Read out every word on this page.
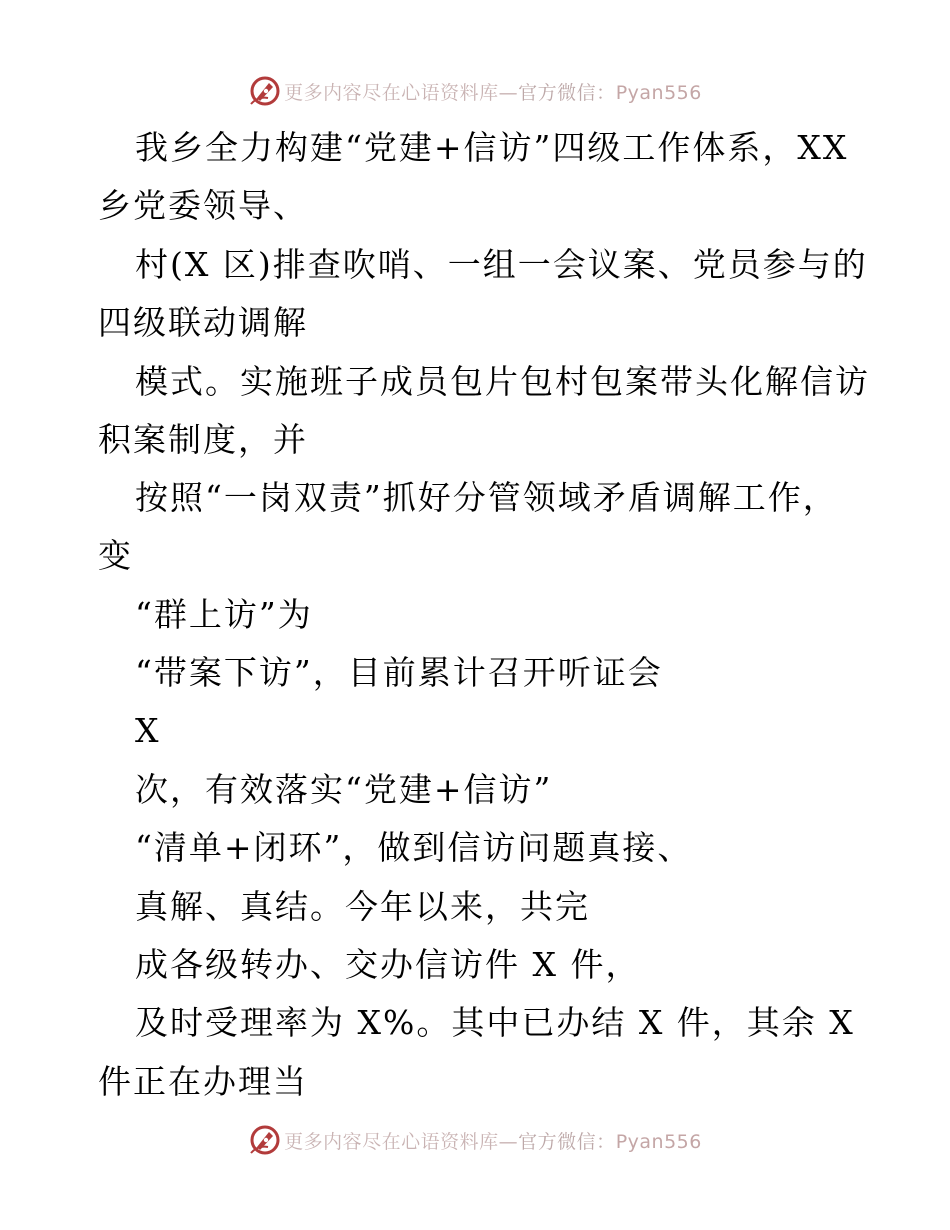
更多内容尽在心语资料库—官方微信：Pyan556
我乡全力构建“党建+信访”四级工作体系，XX
乡党委领导、
村(X 区)排查吹哨、一组一会议案、党员参与的
四级联动调解
模式。实施班子成员包片包村包案带头化解信访
积案制度，并
按照“一岗双责”抓好分管领域矛盾调解工作，
变
“群上访”为
“带案下访”，目前累计召开听证会
X
次，有效落实“党建+信访”
“清单+闭环”，做到信访问题真接、
真解、真结。今年以来，共完
成各级转办、交办信访件 X 件，
及时受理率为 X%。其中已办结 X 件，其余 X
件正在办理当
更多内容尽在心语资料库—官方微信：Pyan556
